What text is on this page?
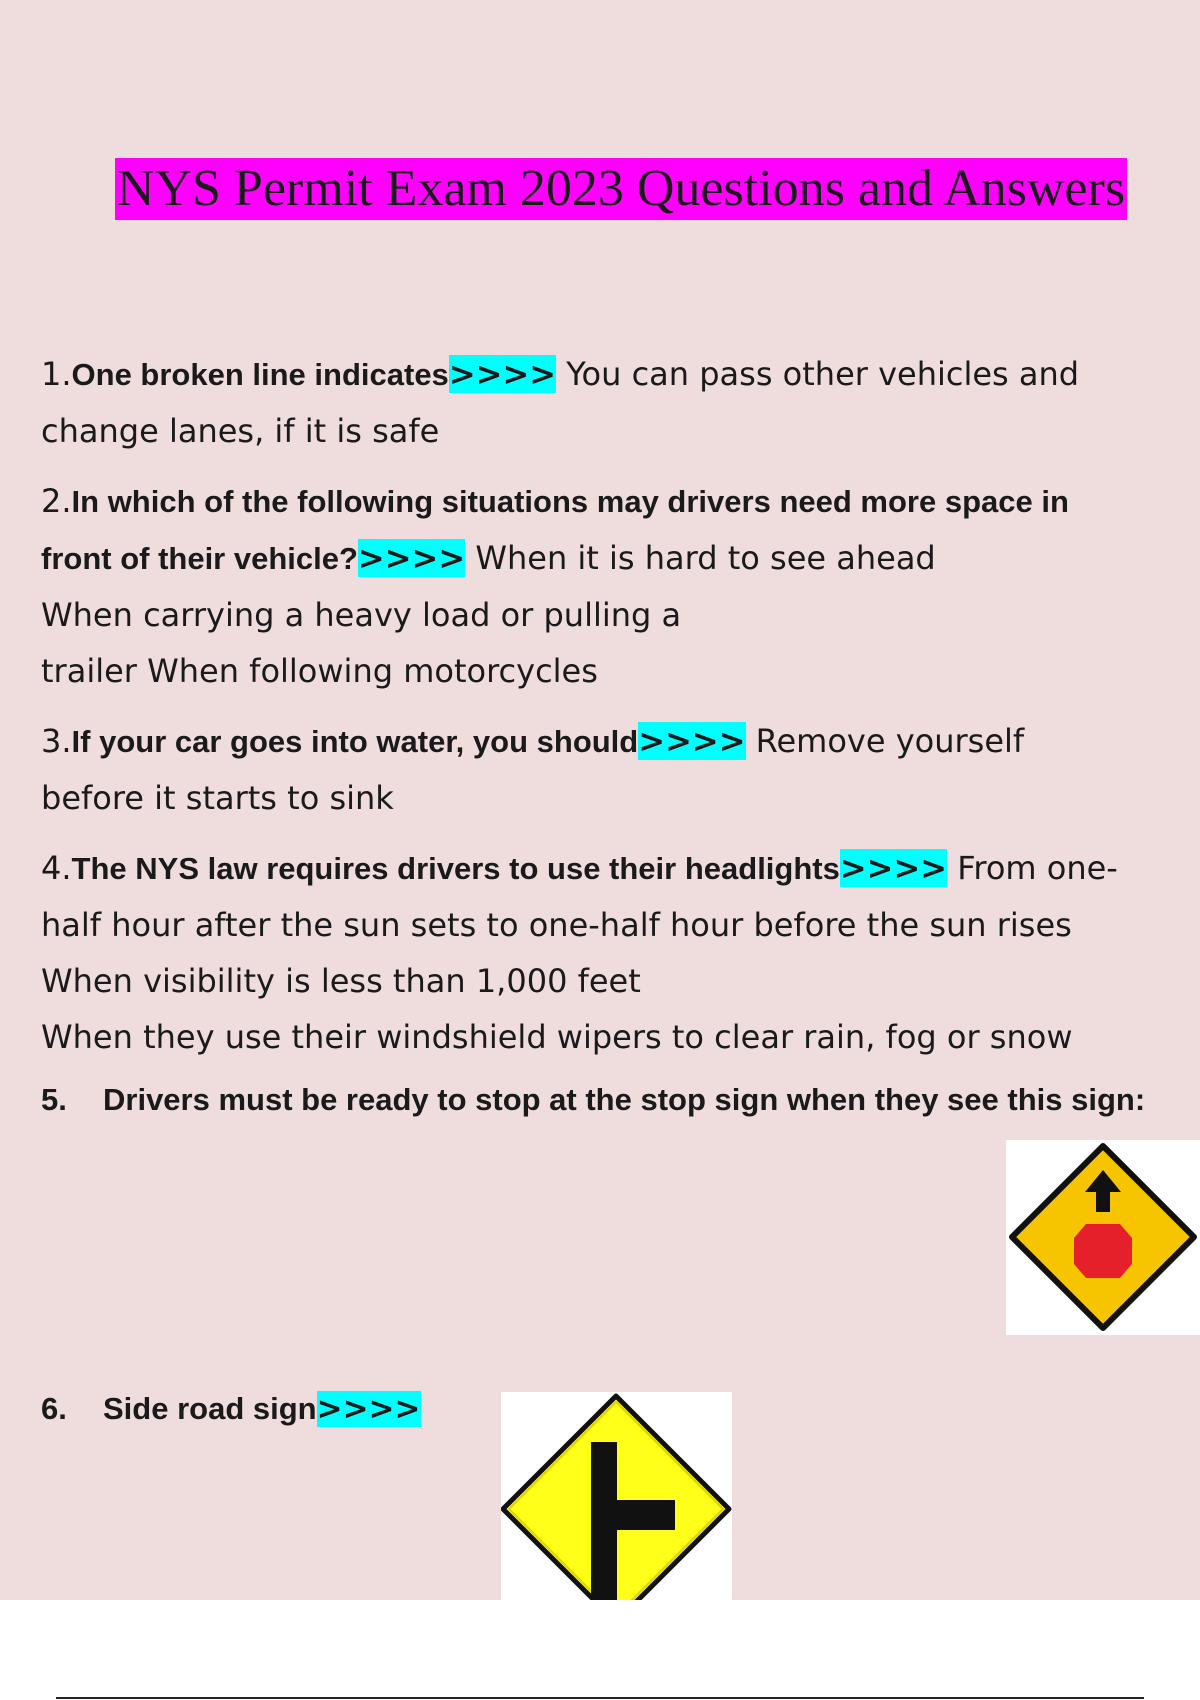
NYS Permit Exam 2023 Questions and Answers
1.One broken line indicates>>>> You can pass other vehicles and
change lanes, if it is safe
2.In which of the following situations may drivers need more space in
front of their vehicle?>>>> When it is hard to see ahead
When carrying a heavy load or pulling a
trailer When following motorcycles
3.If your car goes into water, you should>>>> Remove yourself
before it starts to sink
4.The NYS law requires drivers to use their headlights>>>> From one-
half hour after the sun sets to one-half hour before the sun rises
When visibility is less than 1,000 feet
When they use their windshield wipers to clear rain, fog or snow
5. Drivers must be ready to stop at the stop sign when they see this sign:
6. Side road sign>>>>
